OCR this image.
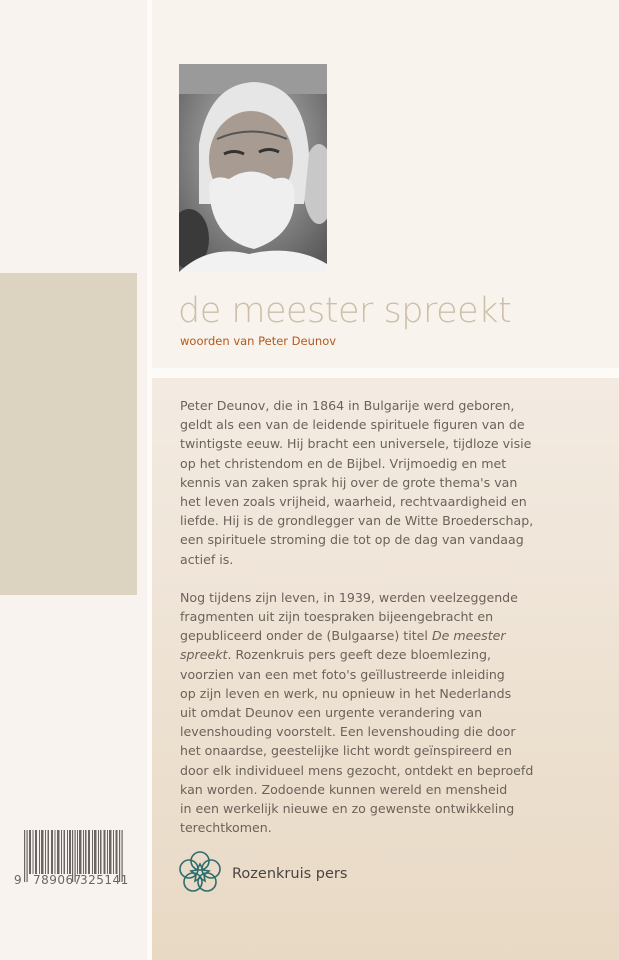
de meester spreekt
woorden van Peter Deunov

Peter Deunov, die in 1864 in Bulgarije werd geboren,
geldt als een van de leidende spirituele figuren van de
twintigste eeuw. Hij bracht een universele, tijdloze visie
op het christendom en de Bijbel. Vrijmoedig en met
kennis van zaken sprak hij over de grote thema's van
het leven zoals vrijheid, waarheid, rechtvaardigheid en
liefde. Hij is de grondlegger van de Witte Broederschap,
een spirituele stroming die tot op de dag van vandaag
actief is.

Nog tijdens zijn leven, in 1939, werden veelzeggende
fragmenten uit zijn toespraken bijeengebracht en
gepubliceerd onder de (Bulgaarse) titel De meester
spreekt. Rozenkruis pers geeft deze bloemlezing,
voorzien van een met foto's geïllustreerde inleiding
op zijn leven en werk, nu opnieuw in het Nederlands
uit omdat Deunov een urgente verandering van
levenshouding voorstelt. Een levenshouding die door
het onaardse, geestelijke licht wordt geïnspireerd en
door elk individueel mens gezocht, ontdekt en beproefd
kan worden. Zodoende kunnen wereld en mensheid
in een werkelijk nieuwe en zo gewenste ontwikkeling
terechtkomen.

Rozenkruis pers
9 789067
325141
